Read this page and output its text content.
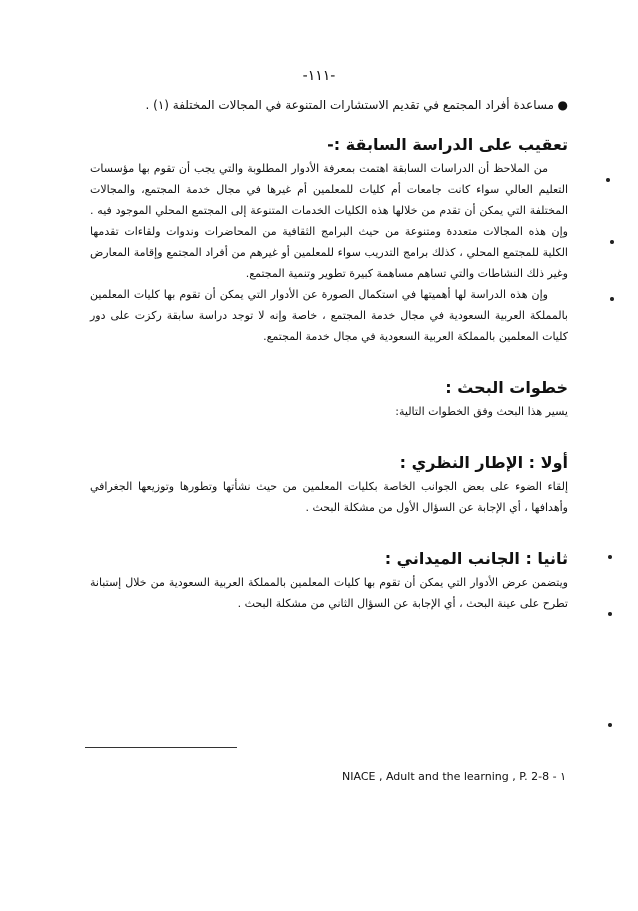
-١١١-
●
مساعدة أفراد المجتمع في تقديم الاستشارات المتنوعة في المجالات المختلفة (١) .
تعقيب على الدراسة السابقة :-

من الملاحظ أن الدراسات السابقة اهتمت بمعرفة الأدوار المطلوبة والتي يجب أن تقوم بها مؤسسات التعليم العالي سواء كانت جامعات أم كليات للمعلمين أم غيرها في مجال خدمة المجتمع، والمجالات المختلفة التي يمكن أن تقدم من خلالها هذه الكليات الخدمات المتنوعة إلى المجتمع المحلي الموجود فيه . وإن هذه المجالات متعددة ومتنوعة من حيث البرامج الثقافية من المحاضرات وندوات ولقاءات تقدمها الكلية للمجتمع المحلي ، كذلك برامج التدريب سواء للمعلمين أو غيرهم من أفراد المجتمع وإقامة المعارض وغير ذلك النشاطات والتي تساهم مساهمة كبيرة تطوير وتنمية المجتمع.

وإن هذه الدراسة لها أهميتها في استكمال الصورة عن الأدوار التي يمكن أن تقوم بها كليات المعلمين بالمملكة العربية السعودية في مجال خدمة المجتمع ، خاصة وإنه لا توجد دراسة سابقة ركزت على دور كليات المعلمين بالمملكة العربية السعودية في مجال خدمة المجتمع.

خطوات البحث :

يسير هذا البحث وفق الخطوات التالية:

أولا : الإطار النظري :

إلقاء الضوء على بعض الجوانب الخاصة بكليات المعلمين من حيث نشأتها وتطورها وتوزيعها الجغرافي وأهدافها ، أي الإجابة عن السؤال الأول من مشكلة البحث .

ثانيا : الجانب الميداني :

ويتضمن عرض الأدوار التي يمكن أن تقوم بها كليات المعلمين بالمملكة العربية السعودية من خلال إستبانة تطرح على عينة البحث ، أي الإجابة عن السؤال الثاني من مشكلة البحث .

١ NIACE , Adult and the learning , P. 2-8 -
